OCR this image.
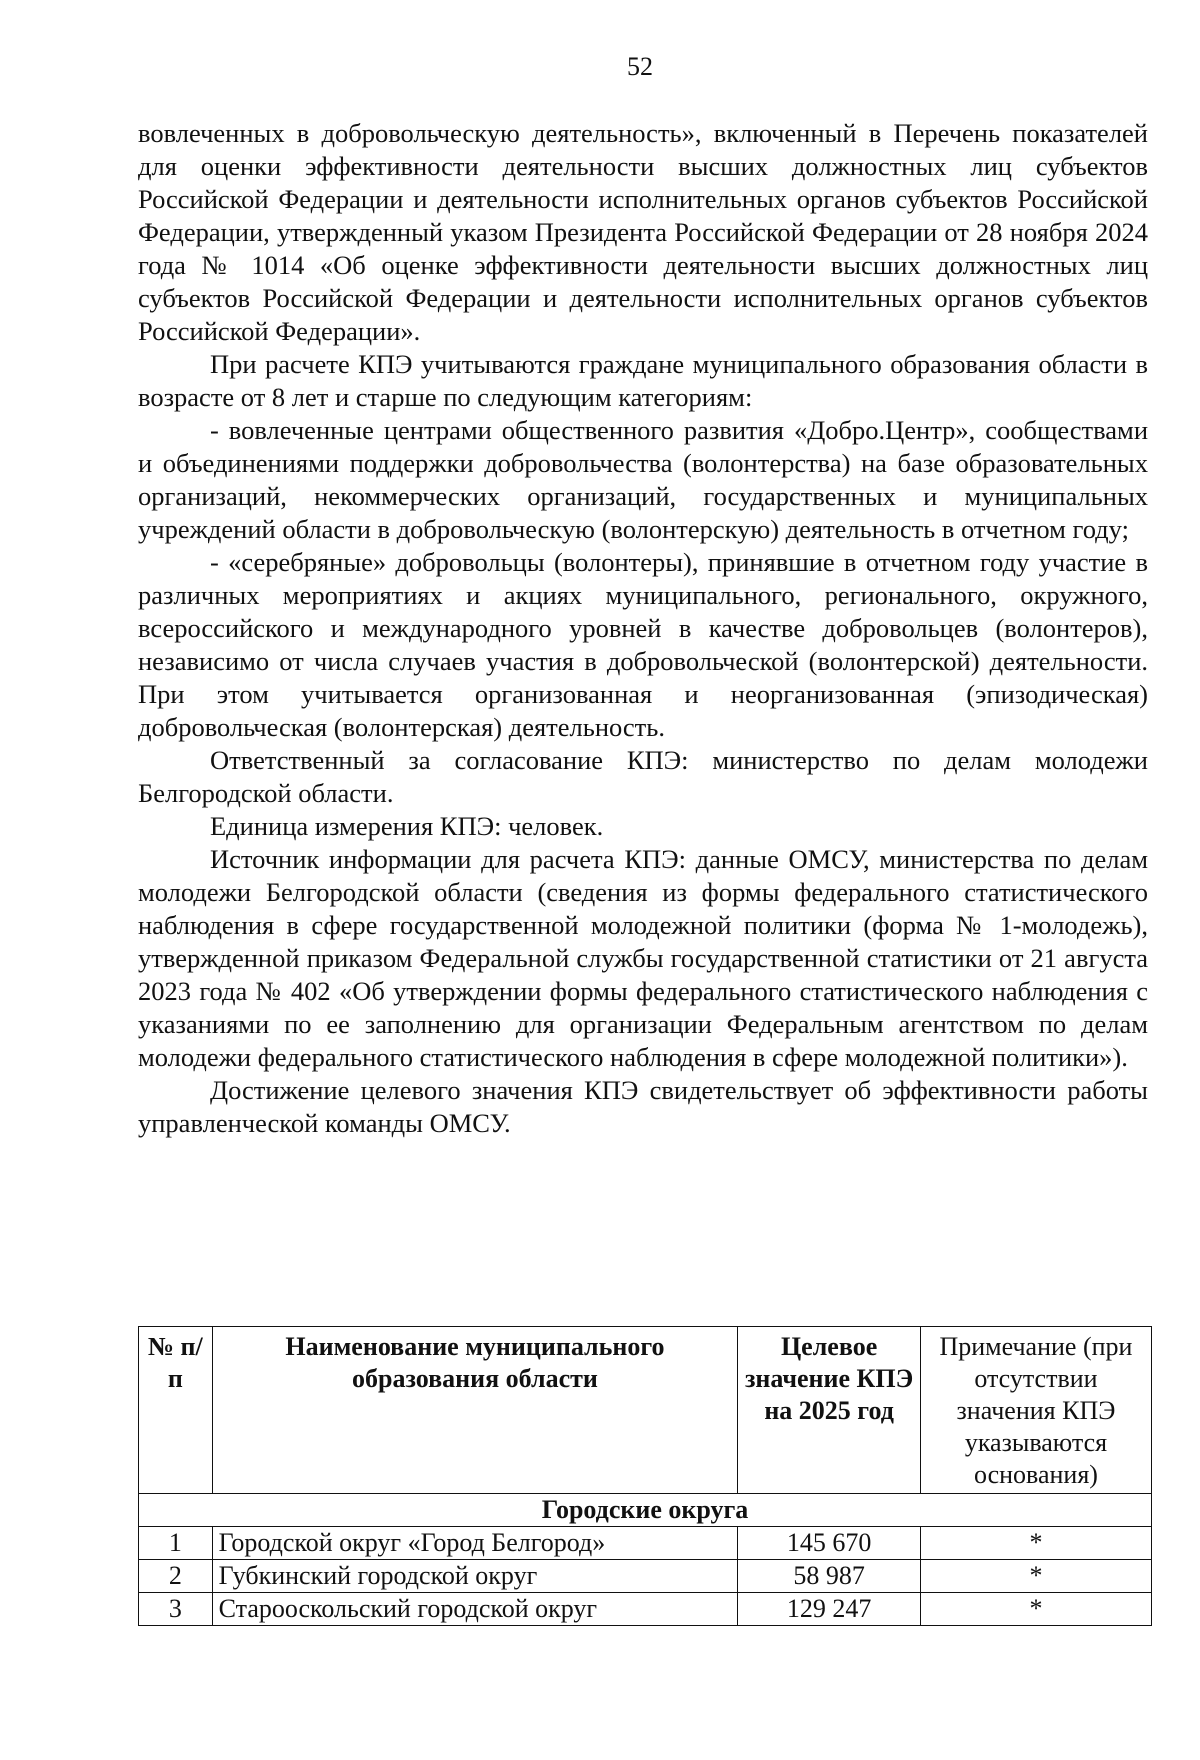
52

вовлеченных в добровольческую деятельность», включенный в Перечень показателей для оценки эффективности деятельности высших должностных лиц субъектов Российской Федерации и деятельности исполнительных органов субъектов Российской Федерации, утвержденный указом Президента Российской Федерации от 28 ноября 2024 года № 1014 «Об оценке эффективности деятельности высших должностных лиц субъектов Российской Федерации и деятельности исполнительных органов субъектов Российской Федерации».

При расчете КПЭ учитываются граждане муниципального образования области в возрасте от 8 лет и старше по следующим категориям:

- вовлеченные центрами общественного развития «Добро.Центр», сообществами и объединениями поддержки добровольчества (волонтерства) на базе образовательных организаций, некоммерческих организаций, государственных и муниципальных учреждений области в добровольческую (волонтерскую) деятельность в отчетном году;

- «серебряные» добровольцы (волонтеры), принявшие в отчетном году участие в различных мероприятиях и акциях муниципального, регионального, окружного, всероссийского и международного уровней в качестве добровольцев (волонтеров), независимо от числа случаев участия в добровольческой (волонтерской) деятельности. При этом учитывается организованная и неорганизованная (эпизодическая) добровольческая (волонтерская) деятельность.

Ответственный за согласование КПЭ: министерство по делам молодежи Белгородской области.

Единица измерения КПЭ: человек.

Источник информации для расчета КПЭ: данные ОМСУ, министерства по делам молодежи Белгородской области (сведения из формы федерального статистического наблюдения в сфере государственной молодежной политики (форма № 1-молодежь), утвержденной приказом Федеральной службы государственной статистики от 21 августа 2023 года № 402 «Об утверждении формы федерального статистического наблюдения с указаниями по ее заполнению для организации Федеральным агентством по делам молодежи федерального статистического наблюдения в сфере молодежной политики»).

Достижение целевого значения КПЭ свидетельствует об эффективности работы управленческой команды ОМСУ.

№ п/п	Наименование муниципального образования области	Целевое значение КПЭ на 2025 год	Примечание (при отсутствии значения КПЭ указываются основания)
Городские округа			
1	Городской округ «Город Белгород»	145 670	*
2	Губкинский городской округ	58 987	*
3	Старооскольский городской округ	129 247	*
